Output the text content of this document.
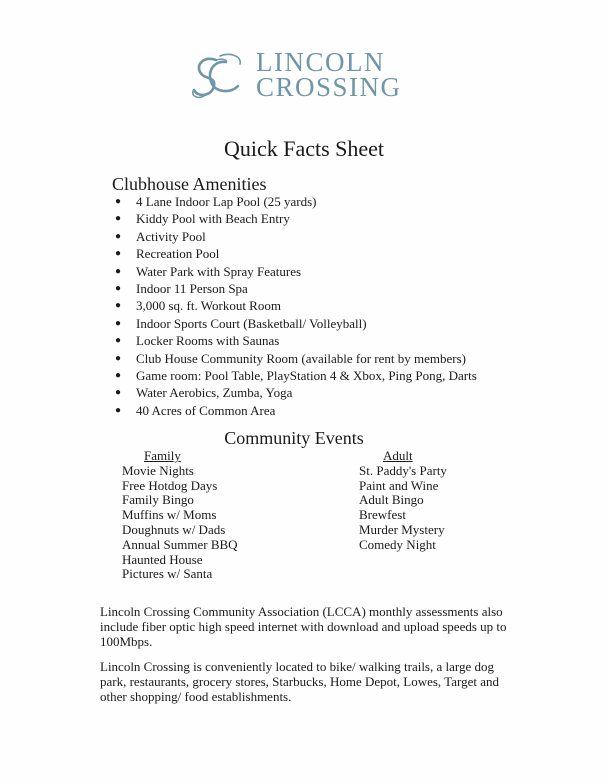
LINCOLN
CROSSING
Quick Facts Sheet
Clubhouse Amenities
● 4 Lane Indoor Lap Pool (25 yards)
● Kiddy Pool with Beach Entry
● Activity Pool
● Recreation Pool
● Water Park with Spray Features
● Indoor 11 Person Spa
● 3,000 sq. ft. Workout Room
● Indoor Sports Court (Basketball/ Volleyball)
● Locker Rooms with Saunas
● Club House Community Room (available for rent by members)
● Game room: Pool Table, PlayStation 4 & Xbox, Ping Pong, Darts
● Water Aerobics, Zumba, Yoga
● 40 Acres of Common Area
Community Events
Family
Movie Nights
Free Hotdog Days
Family Bingo
Muffins w/ Moms
Doughnuts w/ Dads
Annual Summer BBQ
Haunted House
Pictures w/ Santa
Adult
St. Paddy's Party
Paint and Wine
Adult Bingo
Brewfest
Murder Mystery
Comedy Night
Lincoln Crossing Community Association (LCCA) monthly assessments also include fiber optic high speed internet with download and upload speeds up to 100Mbps.
Lincoln Crossing is conveniently located to bike/ walking trails, a large dog park, restaurants, grocery stores, Starbucks, Home Depot, Lowes, Target and other shopping/ food establishments.
